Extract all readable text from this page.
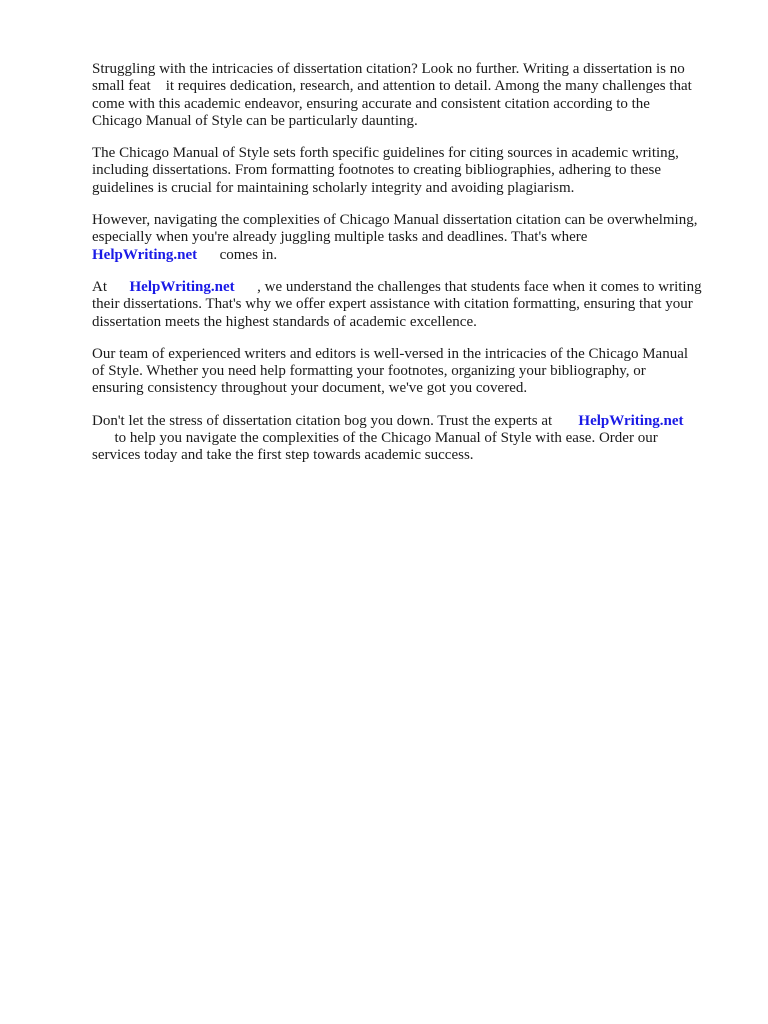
Struggling with the intricacies of dissertation citation? Look no further. Writing a dissertation is no
small feat    it requires dedication, research, and attention to detail. Among the many challenges that
come with this academic endeavor, ensuring accurate and consistent citation according to the
Chicago Manual of Style can be particularly daunting.

The Chicago Manual of Style sets forth specific guidelines for citing sources in academic writing,
including dissertations. From formatting footnotes to creating bibliographies, adhering to these
guidelines is crucial for maintaining scholarly integrity and avoiding plagiarism.

However, navigating the complexities of Chicago Manual dissertation citation can be overwhelming,
especially when you're already juggling multiple tasks and deadlines. That's where
HelpWriting.net      comes in.

At      HelpWriting.net      , we understand the challenges that students face when it comes to writing
their dissertations. That's why we offer expert assistance with citation formatting, ensuring that your
dissertation meets the highest standards of academic excellence.

Our team of experienced writers and editors is well-versed in the intricacies of the Chicago Manual
of Style. Whether you need help formatting your footnotes, organizing your bibliography, or
ensuring consistency throughout your document, we've got you covered.

Don't let the stress of dissertation citation bog you down. Trust the experts at       HelpWriting.net
to help you navigate the complexities of the Chicago Manual of Style with ease. Order our
services today and take the first step towards academic success.
